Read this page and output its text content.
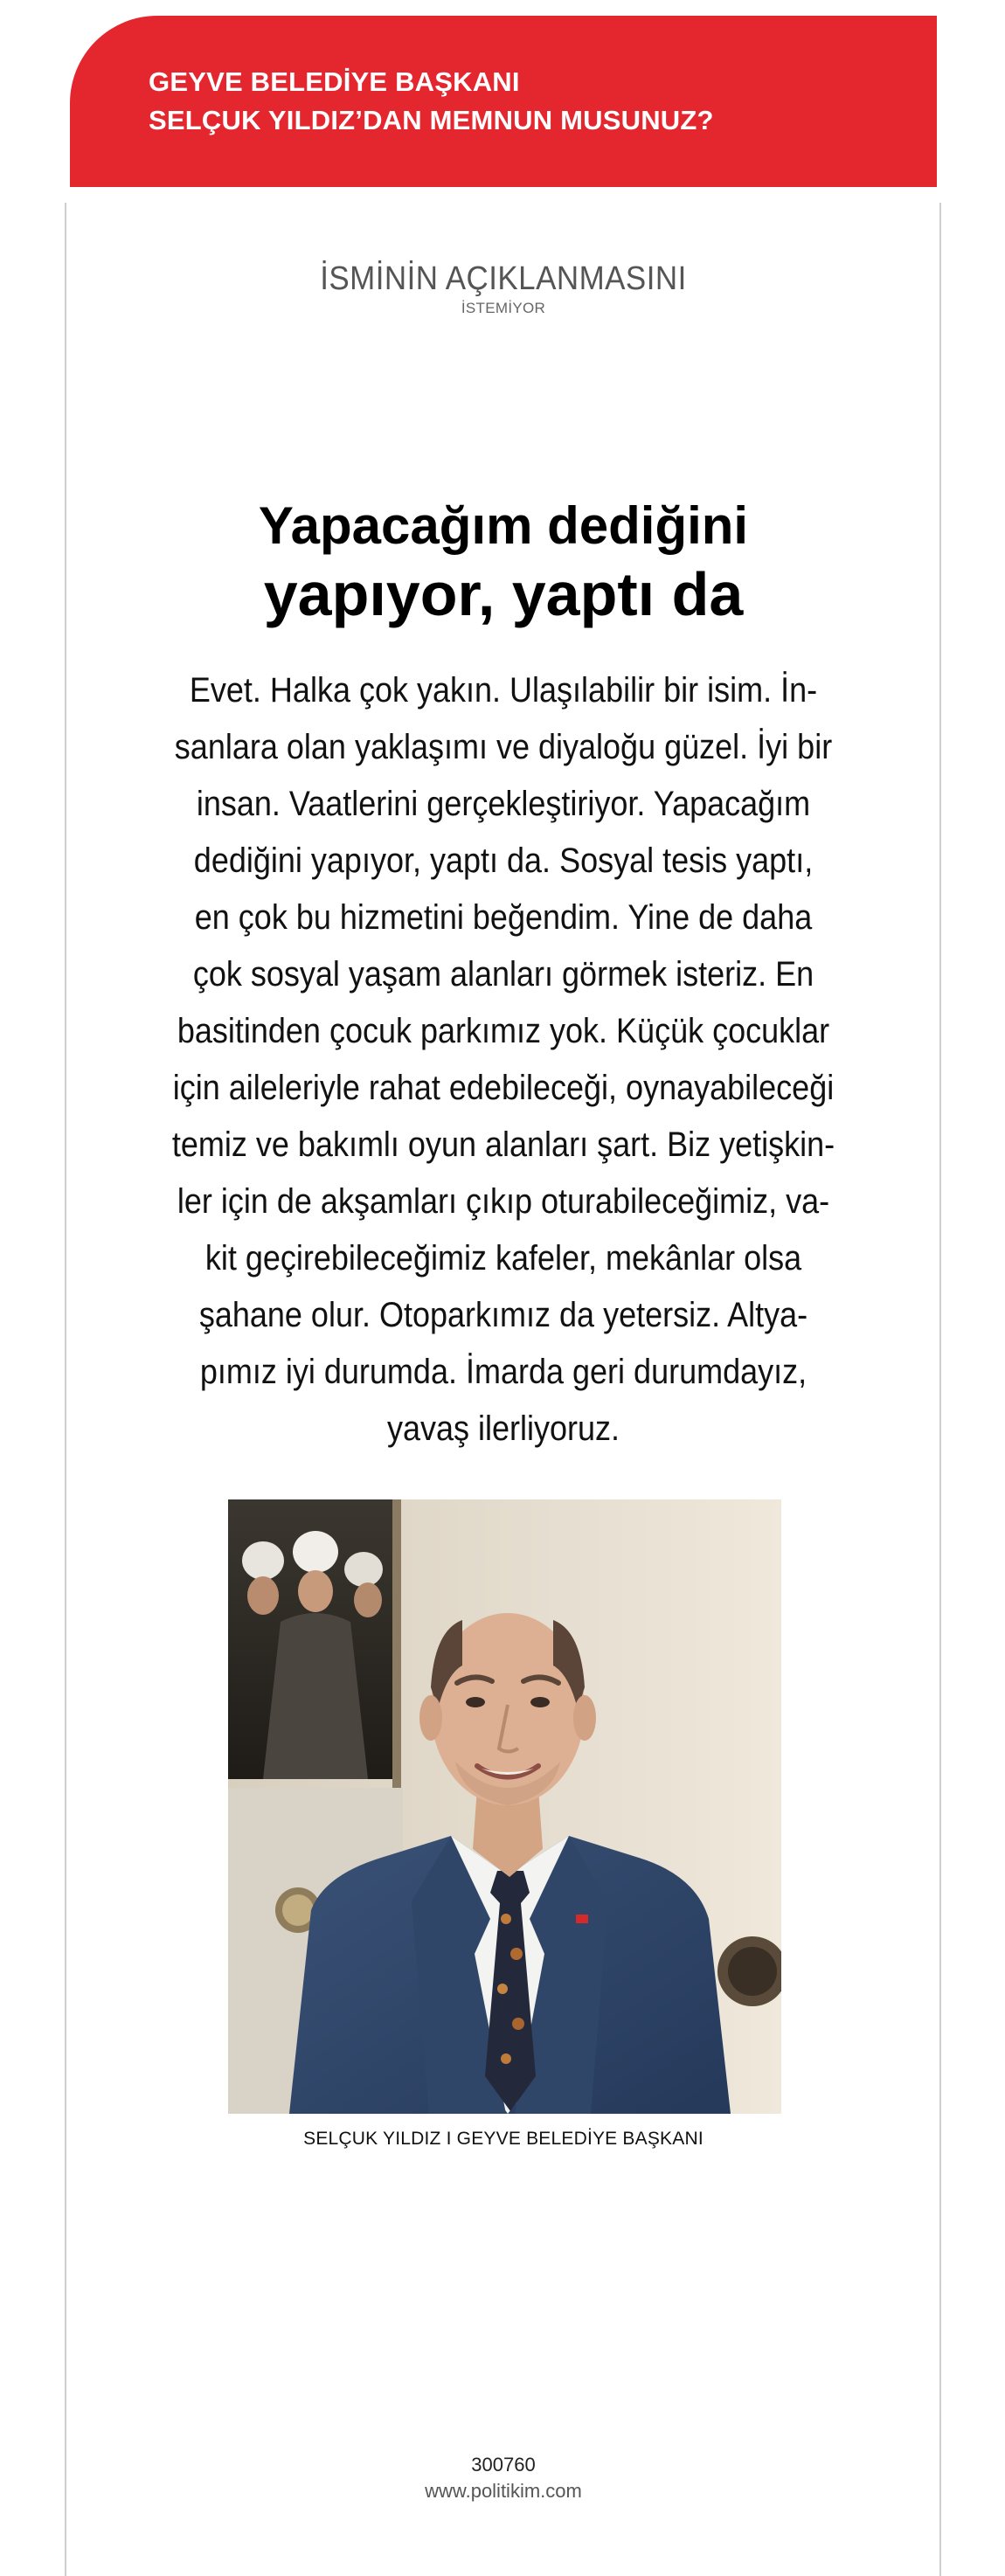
GEYVE BELEDİYE BAŞKANI
SELÇUK YILDIZ’DAN MEMNUN MUSUNUZ?
İSMİNİN AÇIKLANMASINI
İSTEMİYOR
Yapacağım dediğini
yapıyor, yaptı da
Evet. Halka çok yakın. Ulaşılabilir bir isim. İn-
sanlara olan yaklaşımı ve diyaloğu güzel. İyi bir
insan. Vaatlerini gerçekleştiriyor. Yapacağım
dediğini yapıyor, yaptı da. Sosyal tesis yaptı,
en çok bu hizmetini beğendim. Yine de daha
çok sosyal yaşam alanları görmek isteriz. En
basitinden çocuk parkımız yok. Küçük çocuklar
için aileleriyle rahat edebileceği, oynayabileceği
temiz ve bakımlı oyun alanları şart. Biz yetişkin-
ler için de akşamları çıkıp oturabileceğimiz, va-
kit geçirebileceğimiz kafeler, mekânlar olsa
şahane olur. Otoparkımız da yetersiz. Altya-
pımız iyi durumda. İmarda geri durumdayız,
yavaş ilerliyoruz.
SELÇUK YILDIZ I GEYVE BELEDİYE BAŞKANI
300760
www.politikim.com
